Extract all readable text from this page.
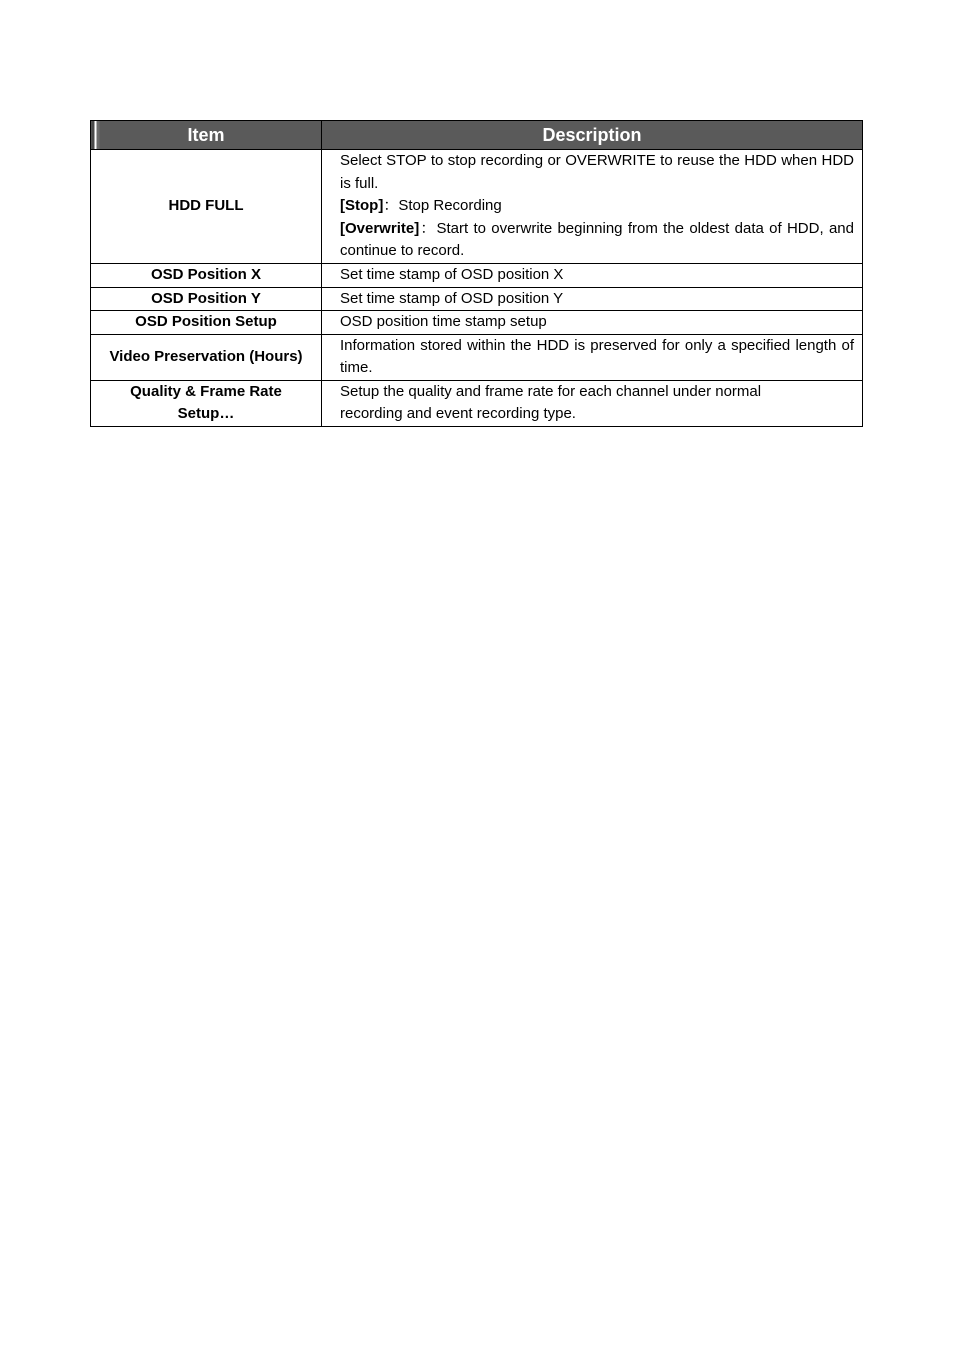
Item	Description
HDD FULL	Select STOP to stop recording or OVERWRITE to reuse the HDD when HDD is full.
[Stop]：Stop Recording
[Overwrite]：Start to overwrite beginning from the oldest data of HDD, and continue to record.

OSD Position X	Set time stamp of OSD position X
OSD Position Y	Set time stamp of OSD position Y
OSD Position Setup	OSD position time stamp setup
Video Preservation (Hours)	Information stored within the HDD is preserved for only a specified length of time.
Quality & Frame Rate Setup…	Setup the quality and frame rate for each channel under normal recording and event recording type.
